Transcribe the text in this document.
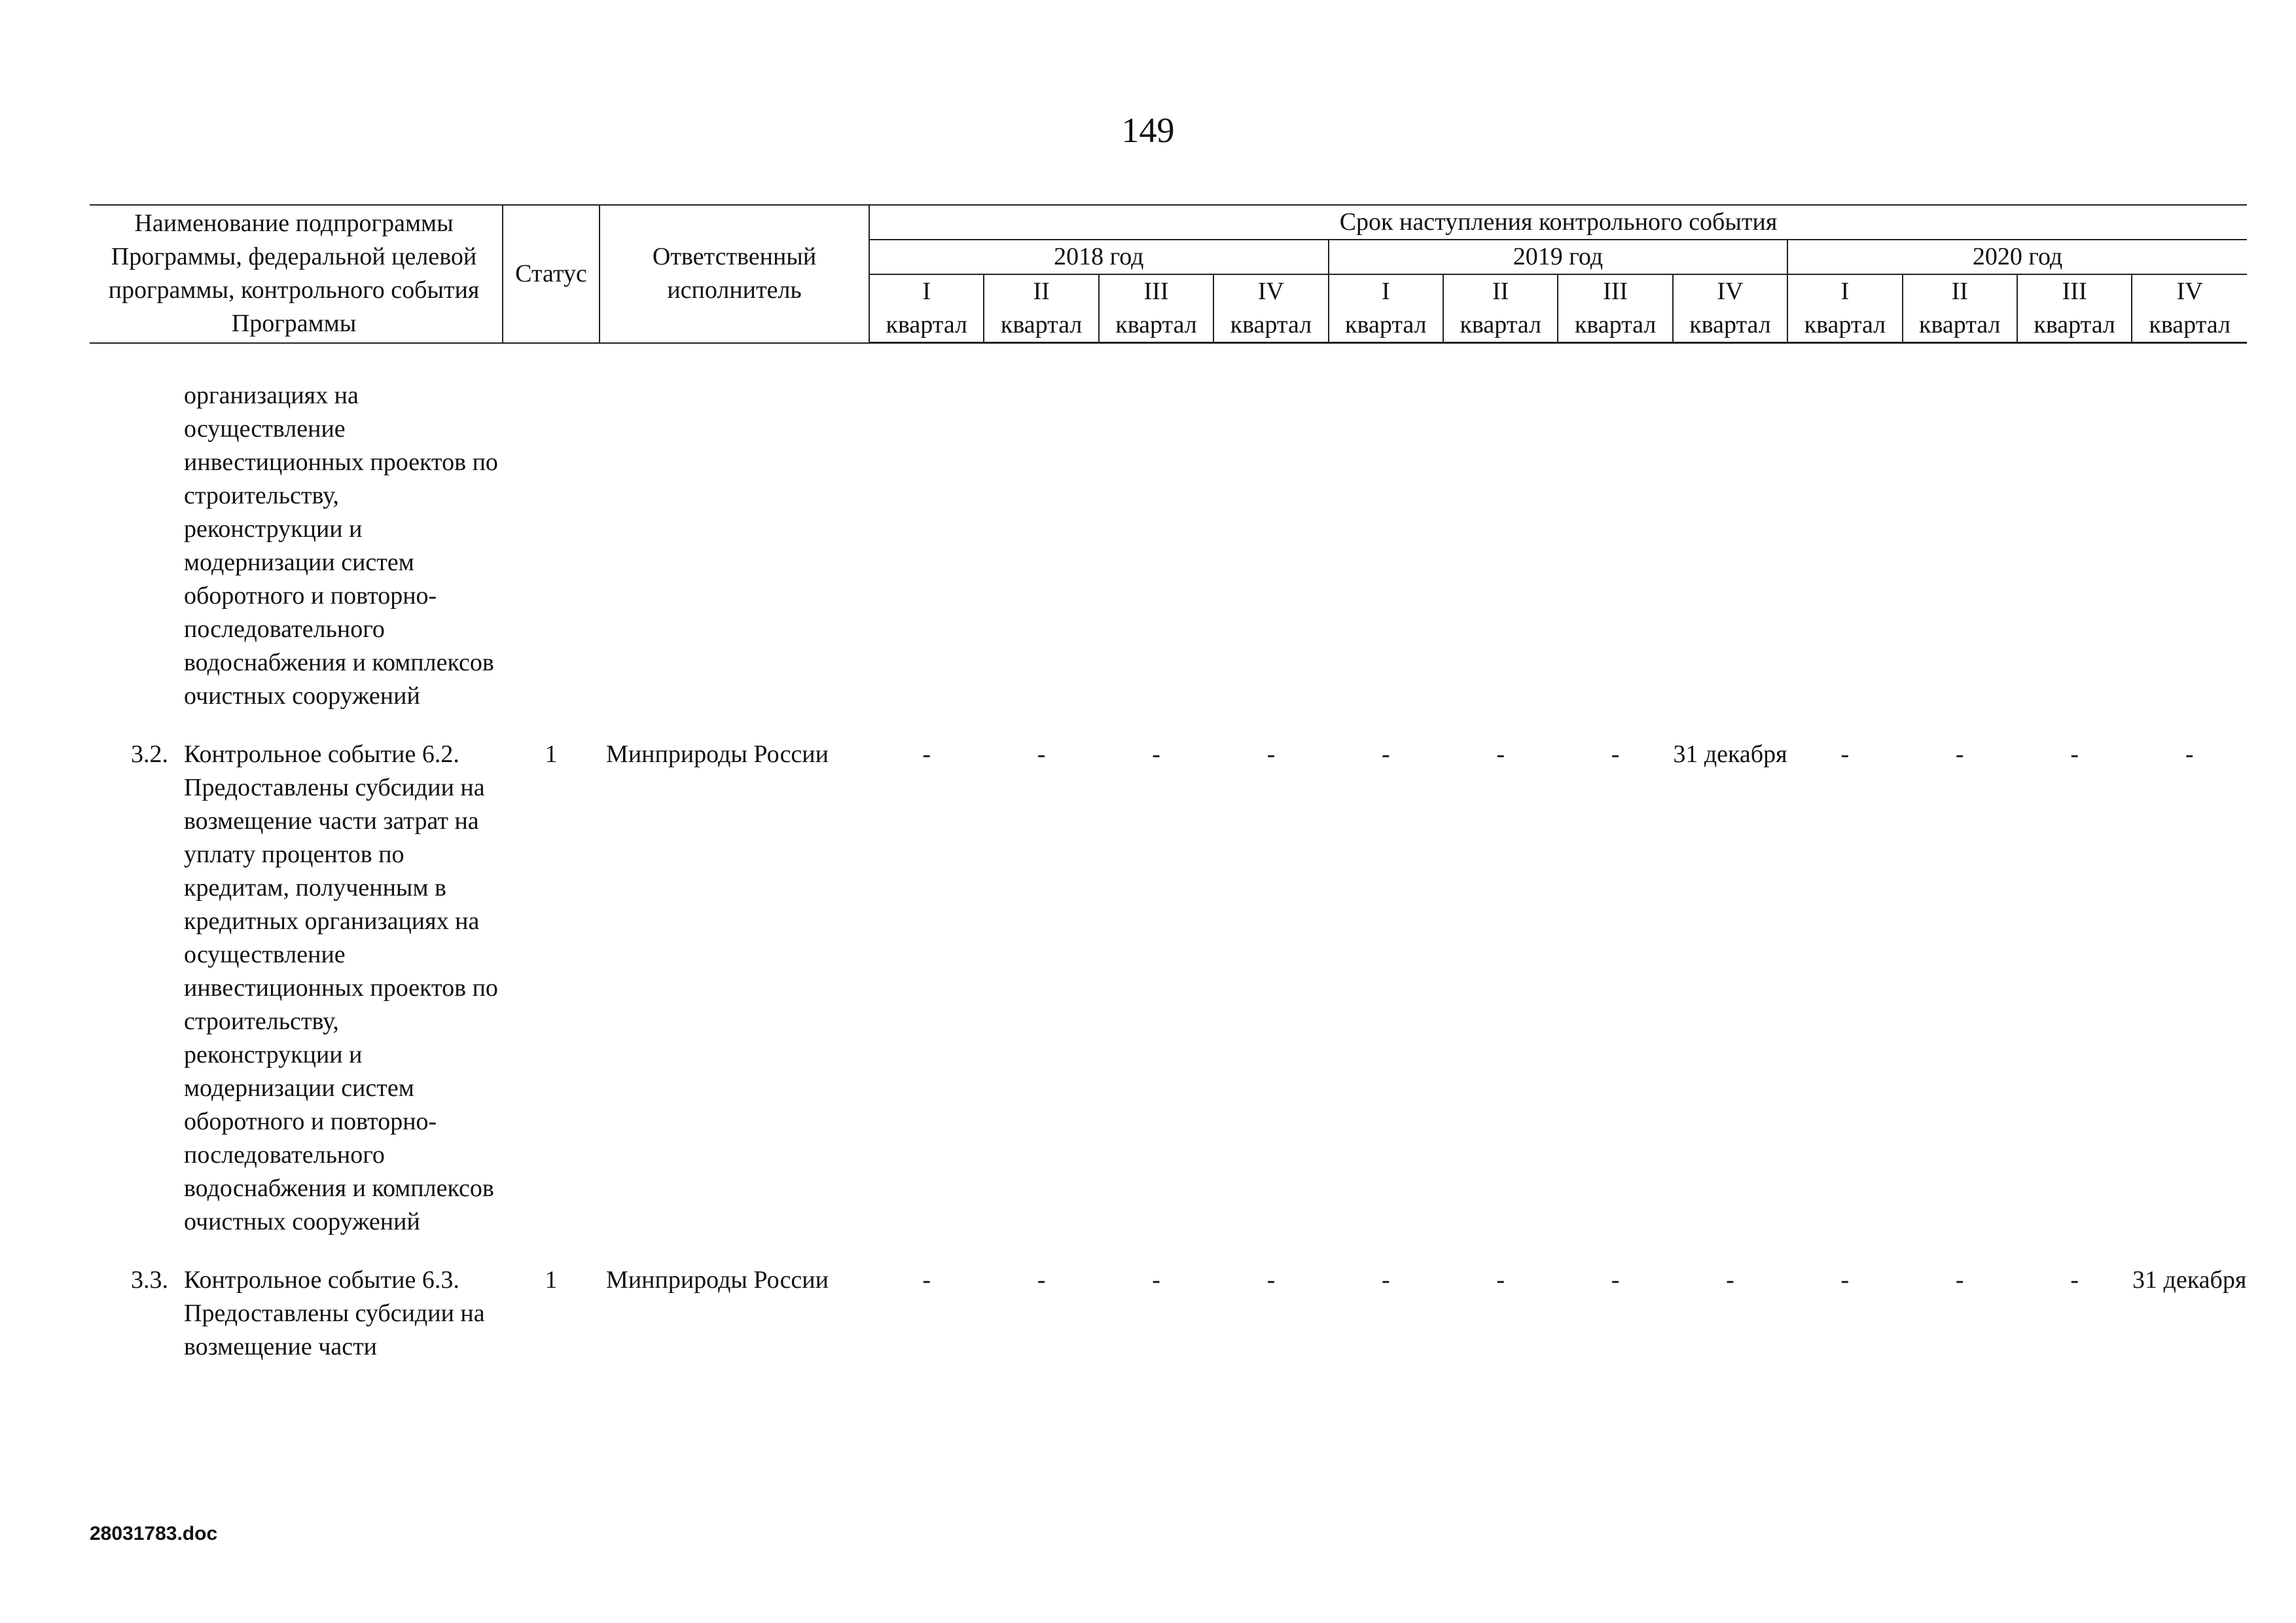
149
Наименование подпрограммы Программы, федеральной целевой программы, контрольного события Программы		Статус	Ответственный исполнитель	Срок наступления контрольного события											
				2018 год				2019 год				2020 год			
				I	II	III	IV	I	II	III	IV	I	II	III	IV
				квартал	квартал	квартал	квартал	квартал	квартал	квартал	квартал	квартал	квартал	квартал	квартал
	организациях на осуществление инвестиционных проектов по строительству, реконструкции и модернизации систем оборотного и повторно-последовательного водоснабжения и комплексов очистных сооружений														
3.2.	Контрольное событие 6.2. Предоставлены субсидии на возмещение части затрат на уплату процентов по кредитам, полученным в кредитных организациях на осуществление инвестиционных проектов по строительству, реконструкции и модернизации систем оборотного и повторно-последовательного водоснабжения и комплексов очистных сооружений	1	Минприроды России	-	-	-	-	-	-	-	31 декабря	-	-	-	-
3.3.	Контрольное событие 6.3. Предоставлены субсидии на возмещение части	1	Минприроды России	-	-	-	-	-	-	-	-	-	-	-	31 декабря
28031783.doc
